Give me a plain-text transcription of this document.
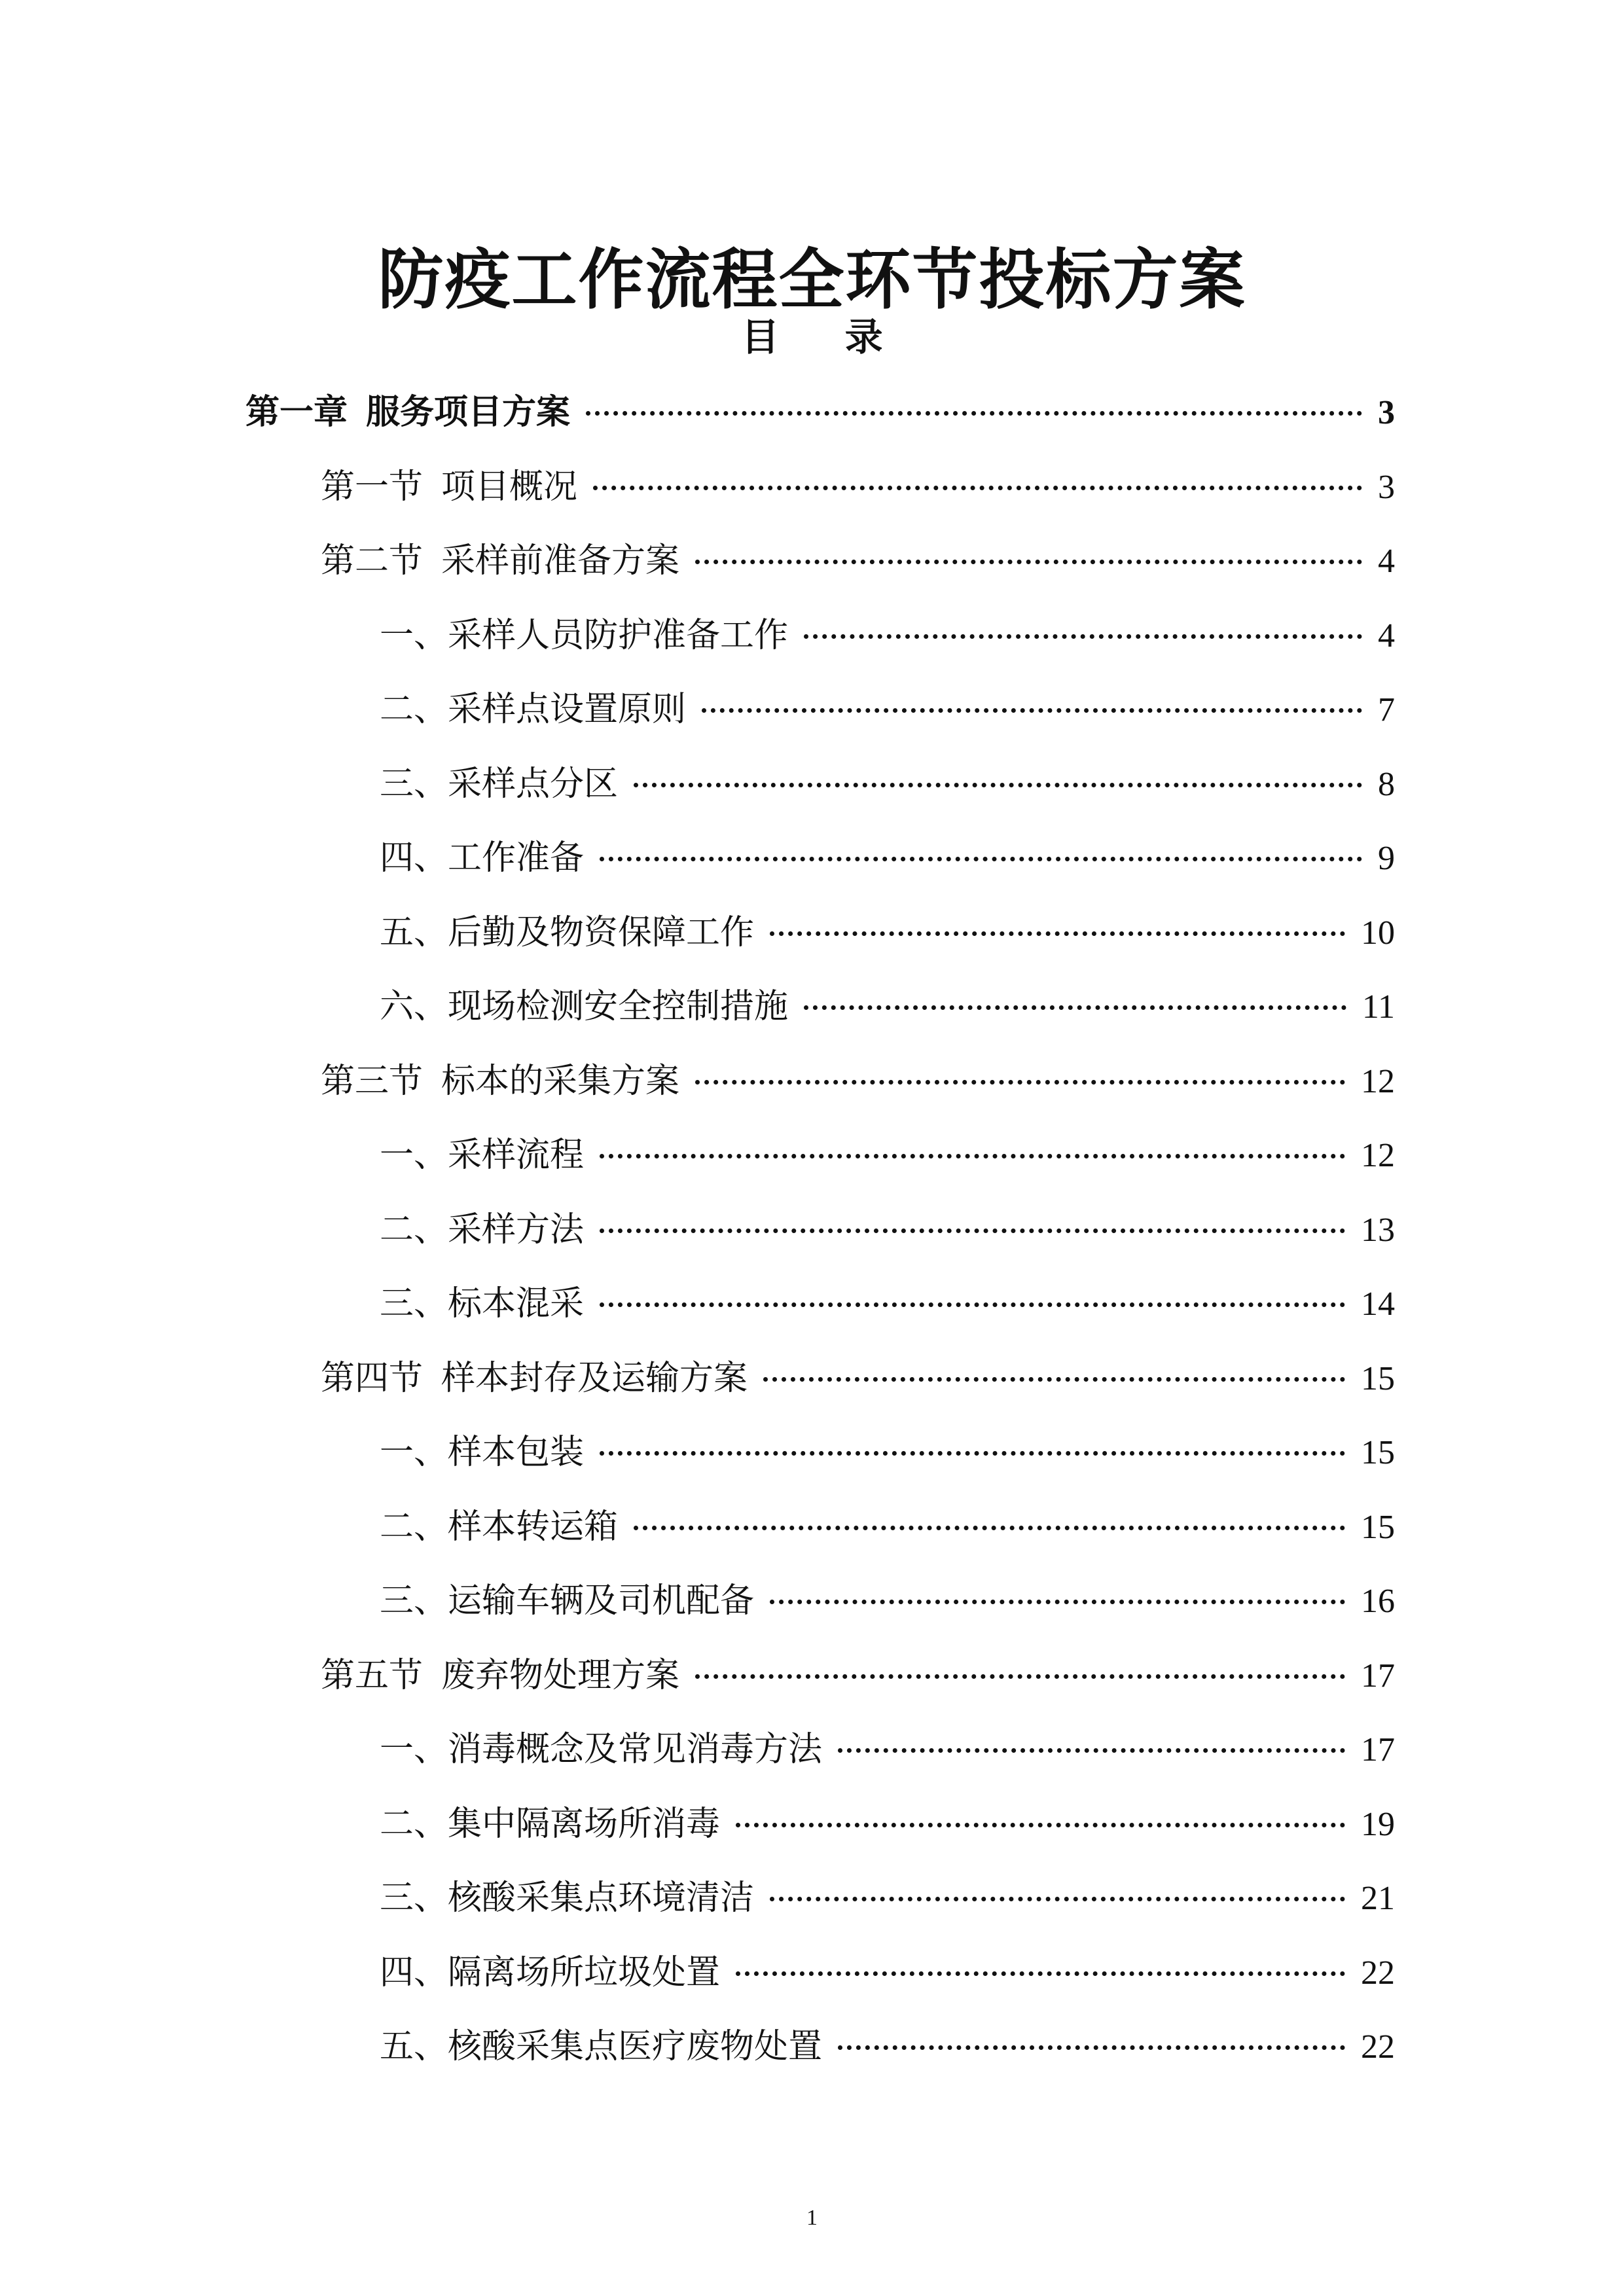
防疫工作流程全环节投标方案
目 录
第一章 服务项目方案	3
第一节 项目概况	3
第二节 采样前准备方案	4
一、 采样人员防护准备工作	4
二、 采样点设置原则	7
三、 采样点分区	8
四、 工作准备	9
五、 后勤及物资保障工作	10
六、 现场检测安全控制措施	11
第三节 标本的采集方案	12
一、 采样流程	12
二、 采样方法	13
三、 标本混采	14
第四节 样本封存及运输方案	15
一、 样本包装	15
二、 样本转运箱	15
三、 运输车辆及司机配备	16
第五节 废弃物处理方案	17
一、 消毒概念及常见消毒方法	17
二、 集中隔离场所消毒	19
三、 核酸采集点环境清洁	21
四、 隔离场所垃圾处置	22
五、 核酸采集点医疗废物处置	22
1
